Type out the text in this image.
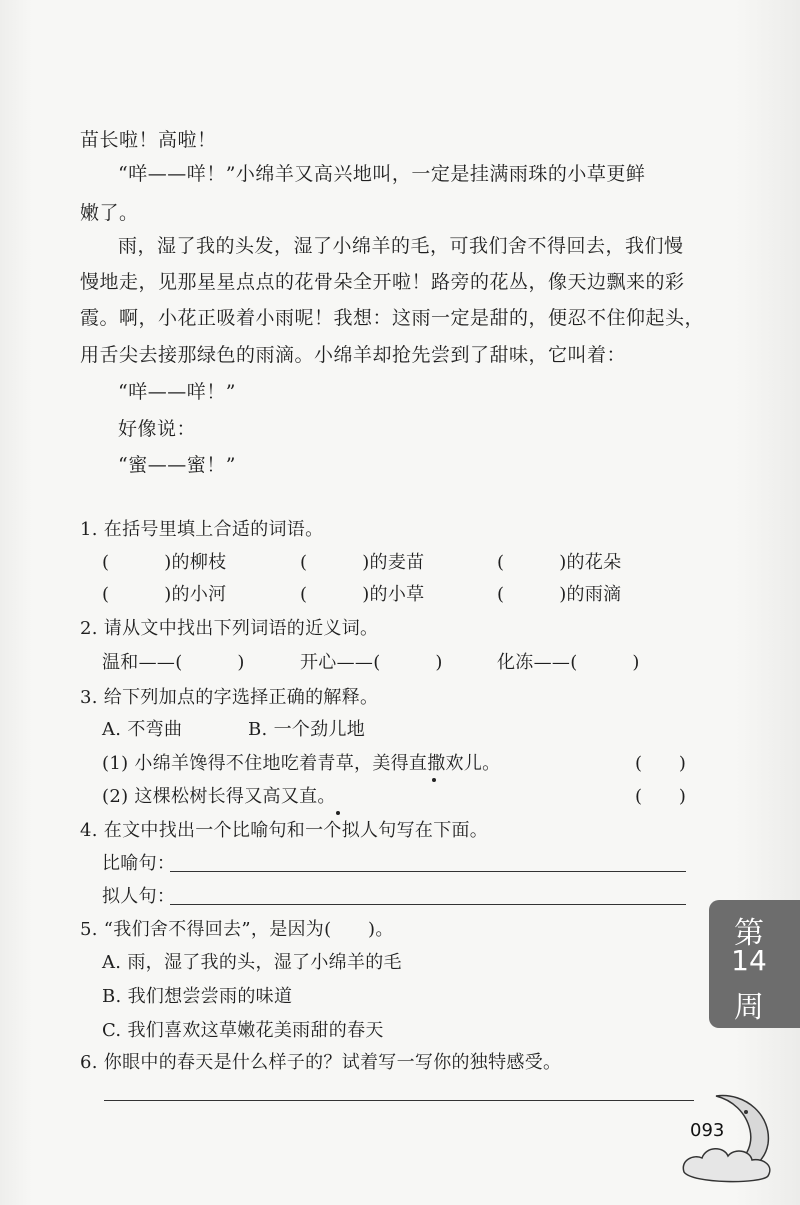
苗长啦！高啦！
“咩——咩！”小绵羊又高兴地叫，一定是挂满雨珠的小草更鲜
嫩了。
雨，湿了我的头发，湿了小绵羊的毛，可我们舍不得回去，我们慢
慢地走，见那星星点点的花骨朵全开啦！路旁的花丛，像天边飘来的彩
霞。啊，小花正吸着小雨呢！我想：这雨一定是甜的，便忍不住仰起头，
用舌尖去接那绿色的雨滴。小绵羊却抢先尝到了甜味，它叫着：
“咩——咩！”
好像说：
“蜜——蜜！”
1. 在括号里填上合适的词语。
(　　　)的柳枝	(　　　)的麦苗	(　　　)的花朵
(　　　)的小河	(　　　)的小草	(　　　)的雨滴
2. 请从文中找出下列词语的近义词。
温和——(　　　)	开心——(　　　)	化冻——(　　　)
3. 给下列加点的字选择正确的解释。
A. 不弯曲	B. 一个劲儿地
(1) 小绵羊馋得不住地吃着青草，美得直撒欢儿。	(　　)
(2) 这棵松树长得又高又直。	(　　)
4. 在文中找出一个比喻句和一个拟人句写在下面。
比喻句：
拟人句：
5. “我们舍不得回去”，是因为(　　)。
A. 雨，湿了我的头，湿了小绵羊的毛
B. 我们想尝尝雨的味道
C. 我们喜欢这草嫩花美雨甜的春天
6. 你眼中的春天是什么样子的？试着写一写你的独特感受。
第
14
周
093
